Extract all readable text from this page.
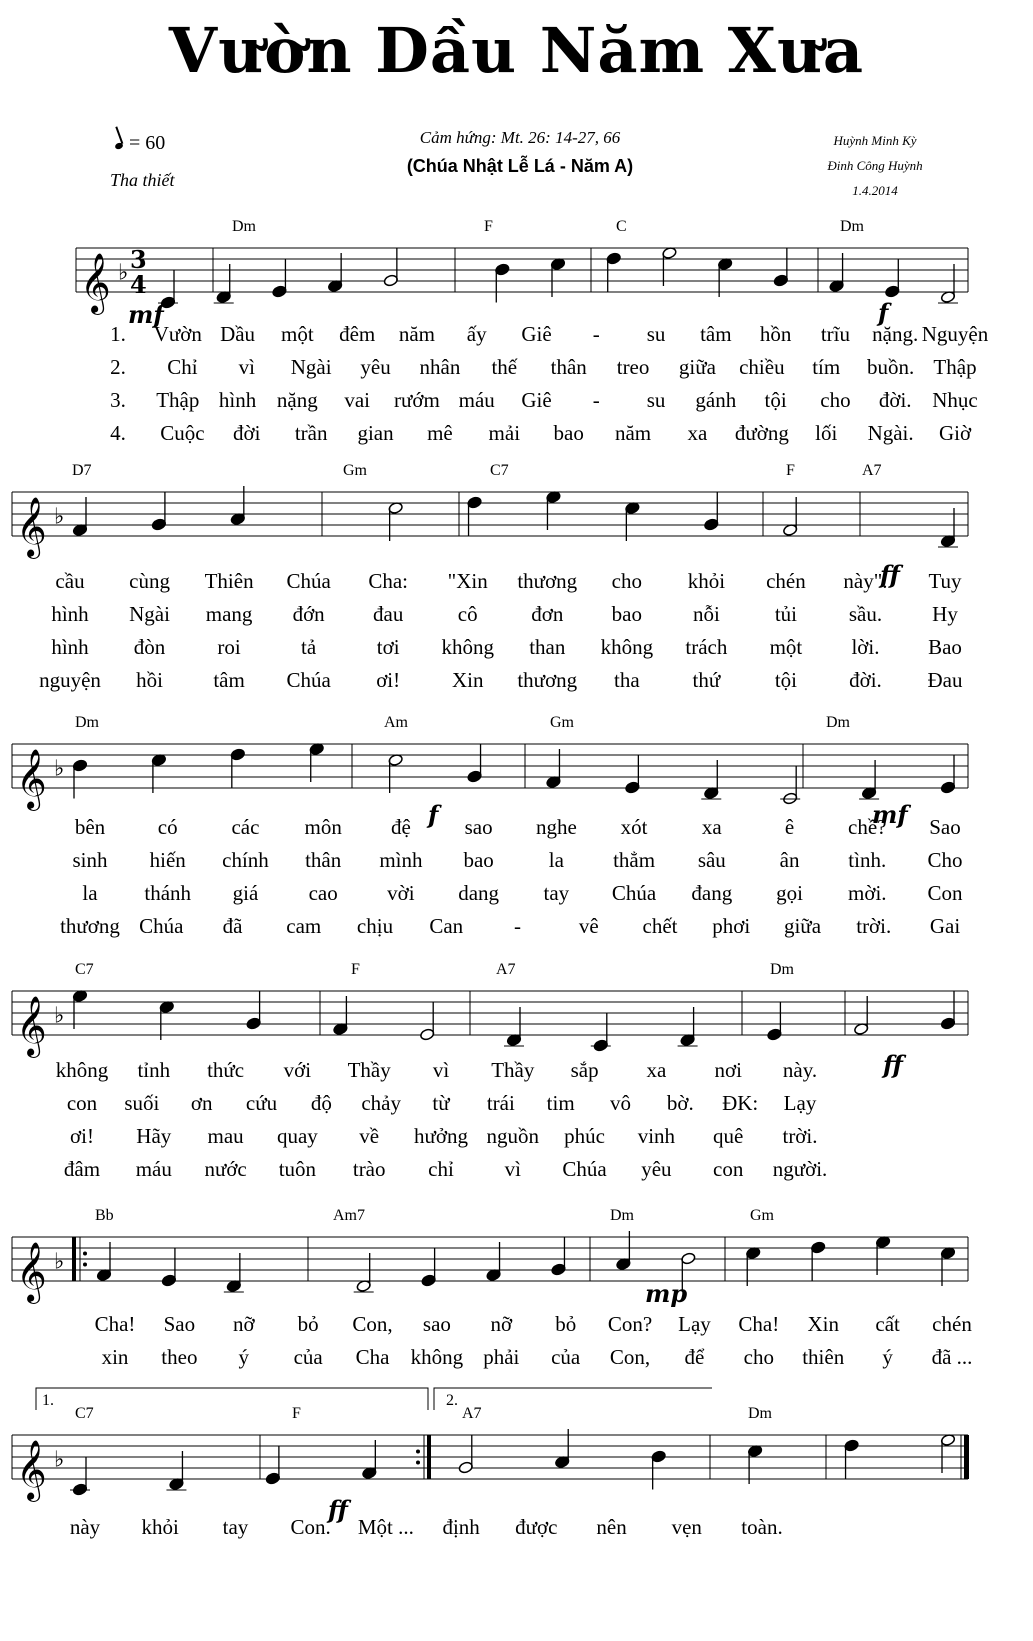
Vườn Dầu Năm Xưa
= 60
Tha thiết
Cảm hứng: Mt. 26: 14-27, 66
(Chúa Nhật Lễ Lá - Năm A)
Huỳnh Minh Kỳ
Đinh Công Huỳnh
1.4.2014
𝄞 ♭ 3
4
𝄞 ♭
𝄞 ♭
𝄞 ♭
𝄞 ♭
𝄞 ♭
Dm	F	C	Dm
mf	f
1. Vườn Dầu một đêm năm ấy Giê - su tâm hồn trĩu nặng. Nguyện
2. Chỉ vì Ngài yêu nhân thế thân treo giữa chiều tím buồn. Thập
3. Thập hình nặng vai rướm máu Giê - su gánh tội cho đời. Nhục
4. Cuộc đời trần gian mê mải bao năm xa đường lối Ngài. Giờ
D7	Gm	C7	F	A7
ff
cầu cùng Thiên Chúa Cha: "Xin thương cho khỏi chén này". Tuy
hình Ngài mang đớn đau	cô	đơn bao nỗi	tủi sầu. Hy
hình đòn roi	tả	tơi không than không trách một lời. Bao
nguyện hồi tâm Chúa ơi! Xin thương tha	thứ	tội đời. Đau
Dm	Am	Gm	Dm
f	mf
bên	có	các môn đệ	sao nghe xót	xa	ê	chề? Sao
sinh hiến chính thân mình bao	la thẳm sâu	ân tình. Cho
la thánh giá cao vời dang tay Chúa đang gọi mời. Con
thương Chúa đã cam chịu Can -	vê chết phơi giữa trời. Gai
C7	F	A7	Dm
ff
không tỉnh thức với Thầy vì Thầy sắp xa nơi này.
con suối ơn cứu độ chảy từ trái tim vô bờ. ĐK: Lạy
ơi! Hãy mau quay về hưởng nguồn phúc vinh quê trời.
đâm máu nước tuôn trào chỉ vì Chúa yêu con người.
Bb	Am7	Dm	Gm
mp
Cha! Sao nỡ bỏ Con, sao nỡ bỏ Con? Lạy Cha! Xin cất chén
xin theo ý của Cha không phải của Con, để cho thiên ý đã ...
C7	F	A7	Dm
ff
1.	2.
này khỏi tay Con. Một ... định được nên vẹn toàn.
